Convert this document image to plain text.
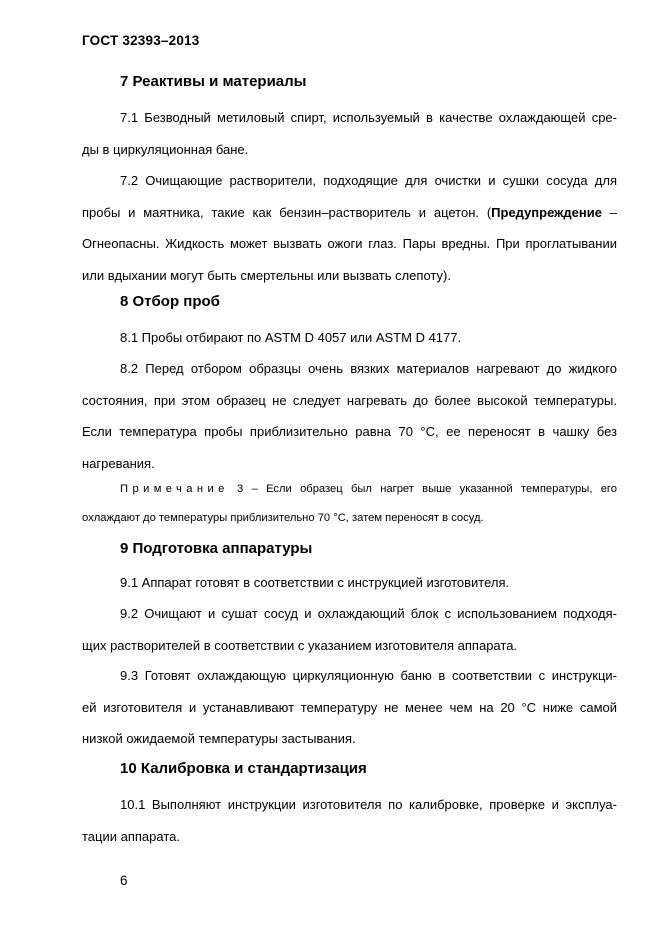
ГОСТ 32393–2013
7 Реактивы и материалы
7.1 Безводный метиловый спирт, используемый в качестве охлаждающей сре-
ды в циркуляционная бане.
7.2 Очищающие растворители, подходящие для очистки и сушки сосуда для
пробы и маятника, такие как бензин–растворитель и ацетон. (Предупреждение –
Огнеопасны. Жидкость может вызвать ожоги глаз. Пары вредны. При проглатывании
или вдыхании могут быть смертельны или вызвать слепоту).
8 Отбор проб
8.1 Пробы отбирают по ASTM D 4057 или ASTM D 4177.
8.2 Перед отбором образцы очень вязких материалов нагревают до жидкого
состояния, при этом образец не следует нагревать до более высокой температуры.
Если температура пробы приблизительно равна 70 °C, ее переносят в чашку без
нагревания.
Примечание 3 – Если образец был нагрет выше указанной температуры, его
охлаждают до температуры приблизительно 70 °C, затем переносят в сосуд.
9 Подготовка аппаратуры
9.1 Аппарат готовят в соответствии с инструкцией изготовителя.
9.2 Очищают и сушат сосуд и охлаждающий блок с использованием подходя-
щих растворителей в соответствии с указанием изготовителя аппарата.
9.3 Готовят охлаждающую циркуляционную баню в соответствии с инструкци-
ей изготовителя и устанавливают температуру не менее чем на 20 °C ниже самой
низкой ожидаемой температуры застывания.
10 Калибровка и стандартизация
10.1 Выполняют инструкции изготовителя по калибровке, проверке и эксплуа-
тации аппарата.
6
